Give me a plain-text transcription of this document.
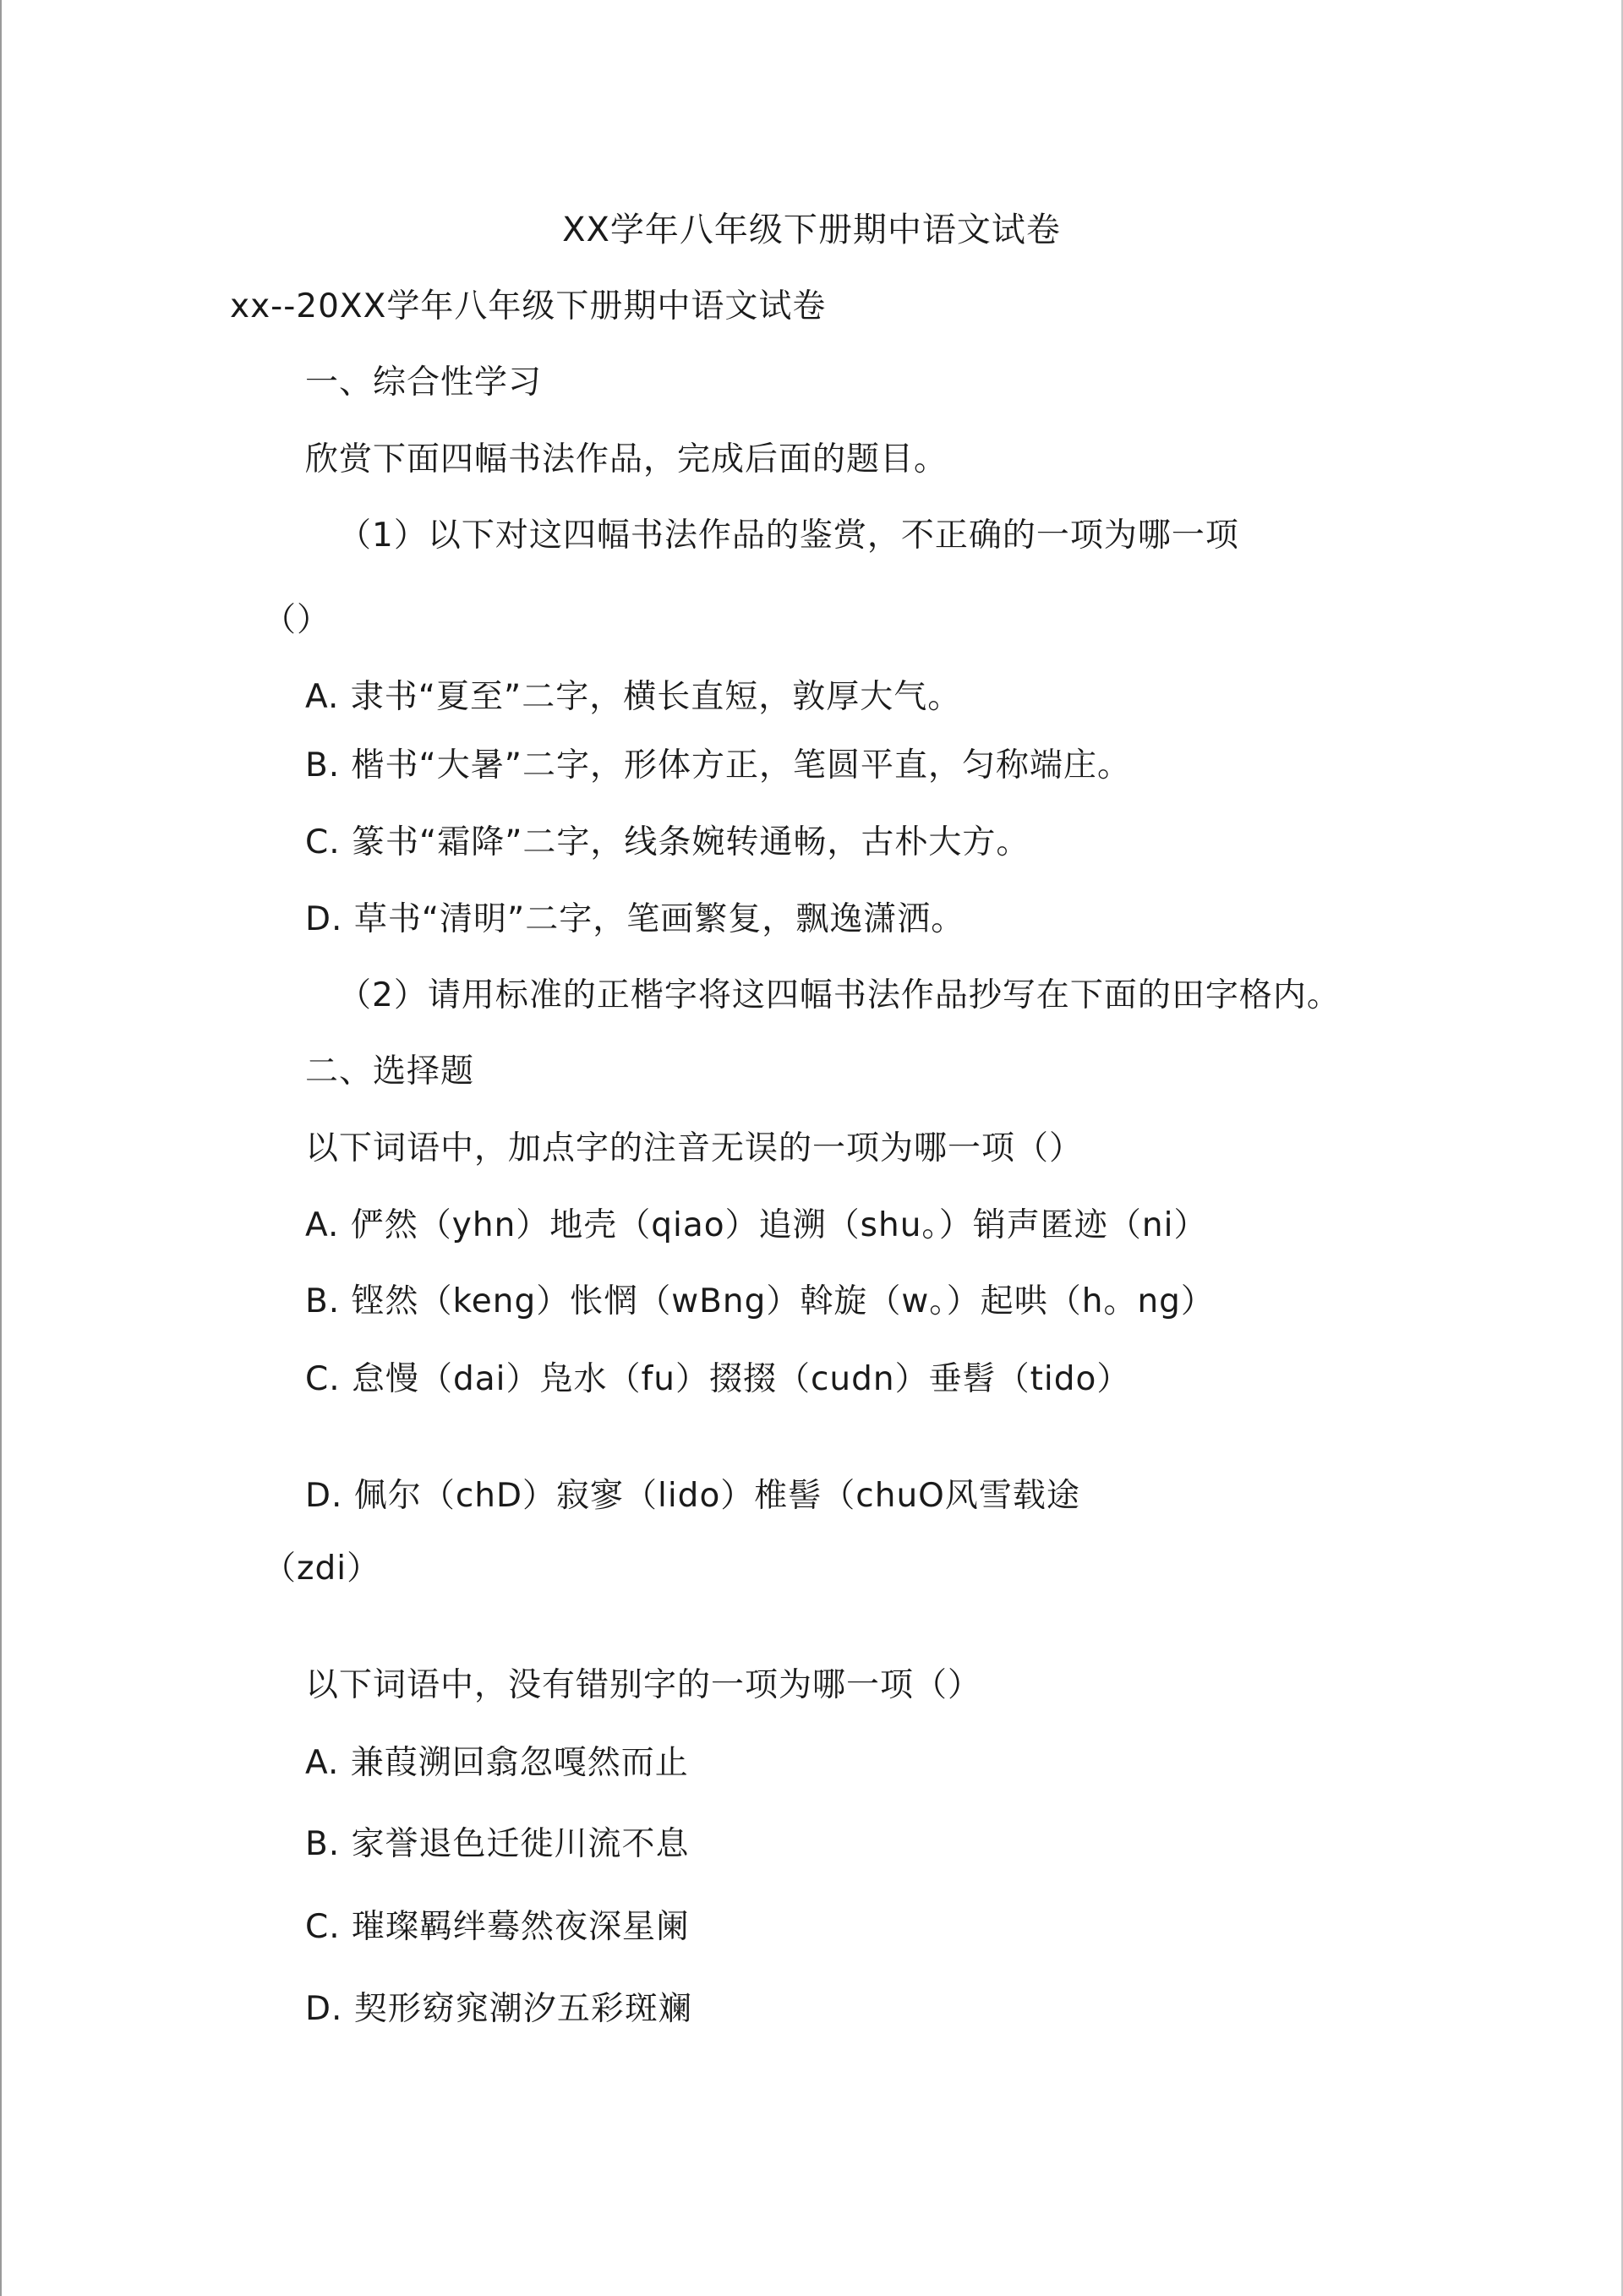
XX学年八年级下册期中语文试卷
xx--20XX学年八年级下册期中语文试卷
一、综合性学习
欣赏下面四幅书法作品，完成后面的题目。
（1）以下对这四幅书法作品的鉴赏，不正确的一项为哪一项
（）
A. 隶书“夏至”二字，横长直短，敦厚大气。
B. 楷书“大暑”二字，形体方正，笔圆平直，匀称端庄。
C. 篆书“霜降”二字，线条婉转通畅，古朴大方。
D. 草书“清明”二字，笔画繁复，飘逸潇洒。
（2）请用标准的正楷字将这四幅书法作品抄写在下面的田字格内。
二、选择题
以下词语中，加点字的注音无误的一项为哪一项（）
A. 俨然（yhn）地壳（qiao）追溯（shu。）销声匿迹（ni）
B. 铿然（keng）怅惘（wBng）斡旋（w。）起哄（h。ng）
C. 怠慢（dai）凫水（fu）掇掇（cudn）垂髫（tido）
D. 佩尔（chD）寂寥（lido）椎髻（chuO风雪载途
（zdi）
以下词语中，没有错别字的一项为哪一项（）
A. 兼葭溯回翕忽嘎然而止
B. 家誉退色迁徙川流不息
C. 璀璨羁绊蓦然夜深星阑
D. 契形窈窕潮汐五彩斑斓
